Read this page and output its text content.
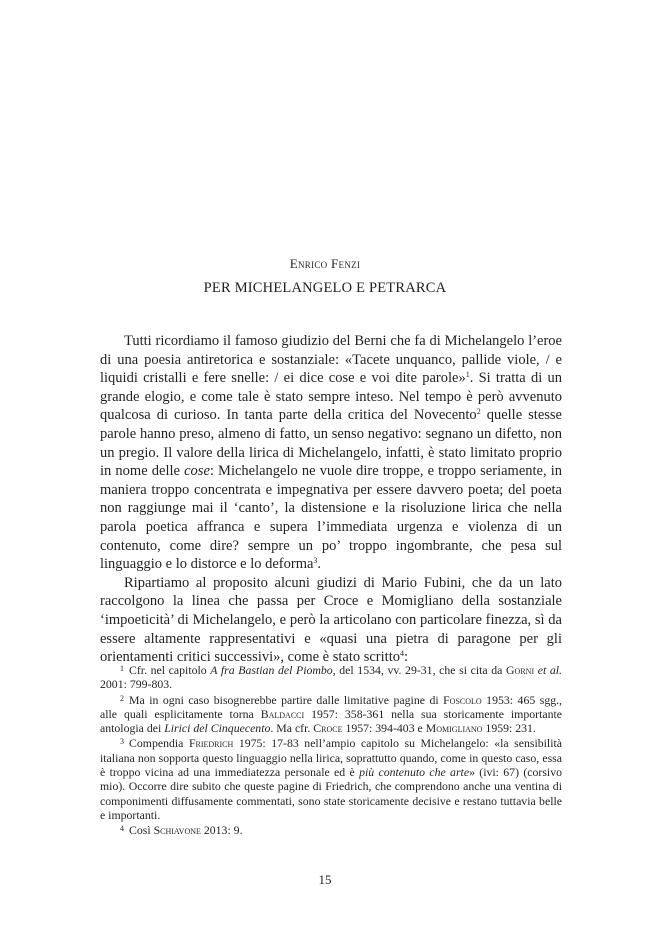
Enrico Fenzi
PER MICHELANGELO E PETRARCA

Tutti ricordiamo il famoso giudizio del Berni che fa di Michelangelo l’eroe di una poesia antiretorica e sostanziale: «Tacete unquanco, pallide viole, / e liquidi cristalli e fere snelle: / ei dice cose e voi dite parole»$^1$. Si tratta di un grande elogio, e come tale è stato sempre inteso. Nel tempo è però avvenuto qualcosa di curioso. In tanta parte della critica del Novecento$^2$ quelle stesse parole hanno preso, almeno di fatto, un senso negativo: segnano un difetto, non un pregio. Il valore della lirica di Michelangelo, infatti, è stato limitato proprio in nome delle cose: Michelangelo ne vuole dire troppe, e troppo seriamente, in maniera troppo concentrata e impegnativa per essere davvero poeta; del poeta non raggiunge mai il ‘canto’, la distensione e la risoluzione lirica che nella parola poetica affranca e supera l’immediata urgenza e violenza di un contenuto, come dire? sempre un po’ troppo ingombrante, che pesa sul linguaggio e lo distorce e lo deforma$^3$.

Ripartiamo al proposito alcuni giudizi di Mario Fubini, che da un lato raccolgono la linea che passa per Croce e Momigliano della sostanziale ‘impoeticità’ di Michelangelo, e però la articolano con particolare finezza, sì da essere altamente rappresentativi e «quasi una pietra di paragone per gli orientamenti critici successivi», come è stato scritto$^4$:

$^1$ Cfr. nel capitolo A fra Bastian del Piombo, del 1534, vv. 29-31, che si cita da Gorni et al. 2001: 799-803.

$^2$ Ma in ogni caso bisognerebbe partire dalle limitative pagine di Foscolo 1953: 465 sgg., alle quali esplicitamente torna Baldacci 1957: 358-361 nella sua storicamente importante antologia dei Lirici del Cinquecento. Ma cfr. Croce 1957: 394-403 e Momigliano 1959: 231.

$^3$ Compendia Friedrich 1975: 17-83 nell’ampio capitolo su Michelangelo: «la sensibilità italiana non sopporta questo linguaggio nella lirica, soprattutto quando, come in questo caso, essa è troppo vicina ad una immediatezza personale ed è più contenuto che arte» (ivi: 67) (corsivo mio). Occorre dire subito che queste pagine di Friedrich, che comprendono anche una ventina di componimenti diffusamente commentati, sono state storicamente decisive e restano tuttavia belle e importanti.

$^4$ Così Schiavone 2013: 9.

15
